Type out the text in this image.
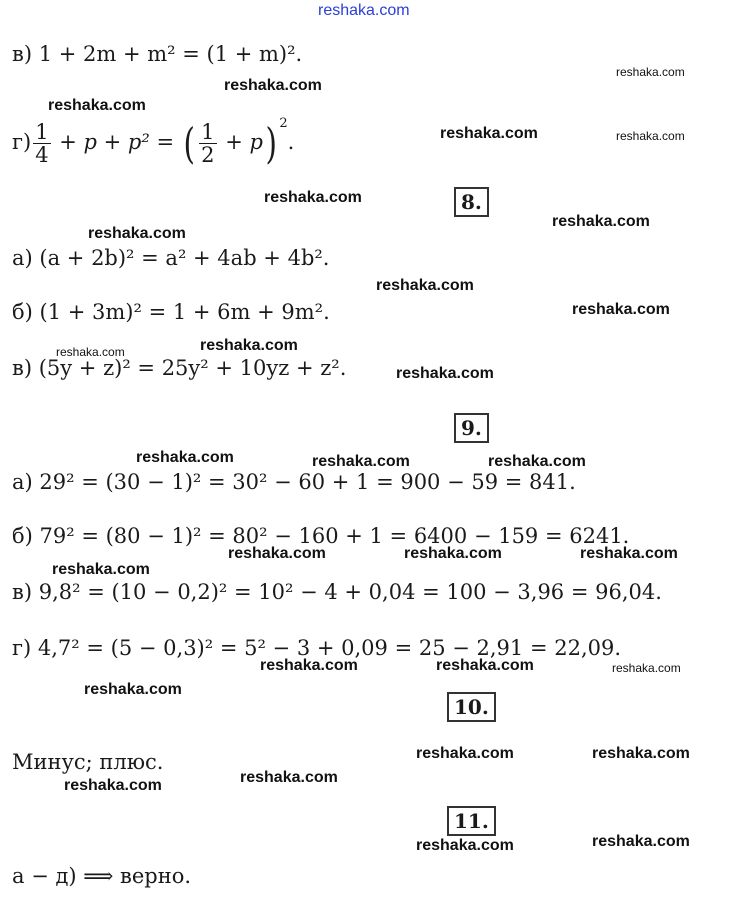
reshaka.com
в) 1 + 2m + m² = (1 + m)².
$г) \frac{1}{4} + p + p^2$ = ( $\frac{1}{2} + p$) $^2$.
8.
а) (a + 2b)² = a² + 4ab + 4b².
б) (1 + 3m)² = 1 + 6m + 9m².
в) (5y + z)² = 25y² + 10yz + z².
9.
а) 29² = (30 − 1)² = 30² − 60 + 1 = 900 − 59 = 841.
б) 79² = (80 − 1)² = 80² − 160 + 1 = 6400 − 159 = 6241.
в) 9,8² = (10 − 0,2)² = 10² − 4 + 0,04 = 100 − 3,96 = 96,04.
г) 4,7² = (5 − 0,3)² = 5² − 3 + 0,09 = 25 − 2,91 = 22,09.
10.
Минус; плюс.
11.
а − д) ⟹ верно.
reshaka.com
reshaka.com
reshaka.com
reshaka.com	reshaka.com
reshaka.com
reshaka.com
reshaka.com
reshaka.com
reshaka.com
reshaka.com
reshaka.com
reshaka.com
reshaka.com	reshaka.com	reshaka.com
reshaka.com	reshaka.com	reshaka.com
reshaka.com
reshaka.com	reshaka.com	reshaka.com
reshaka.com
reshaka.com	reshaka.com
reshaka.com
reshaka.com
reshaka.com
reshaka.com
